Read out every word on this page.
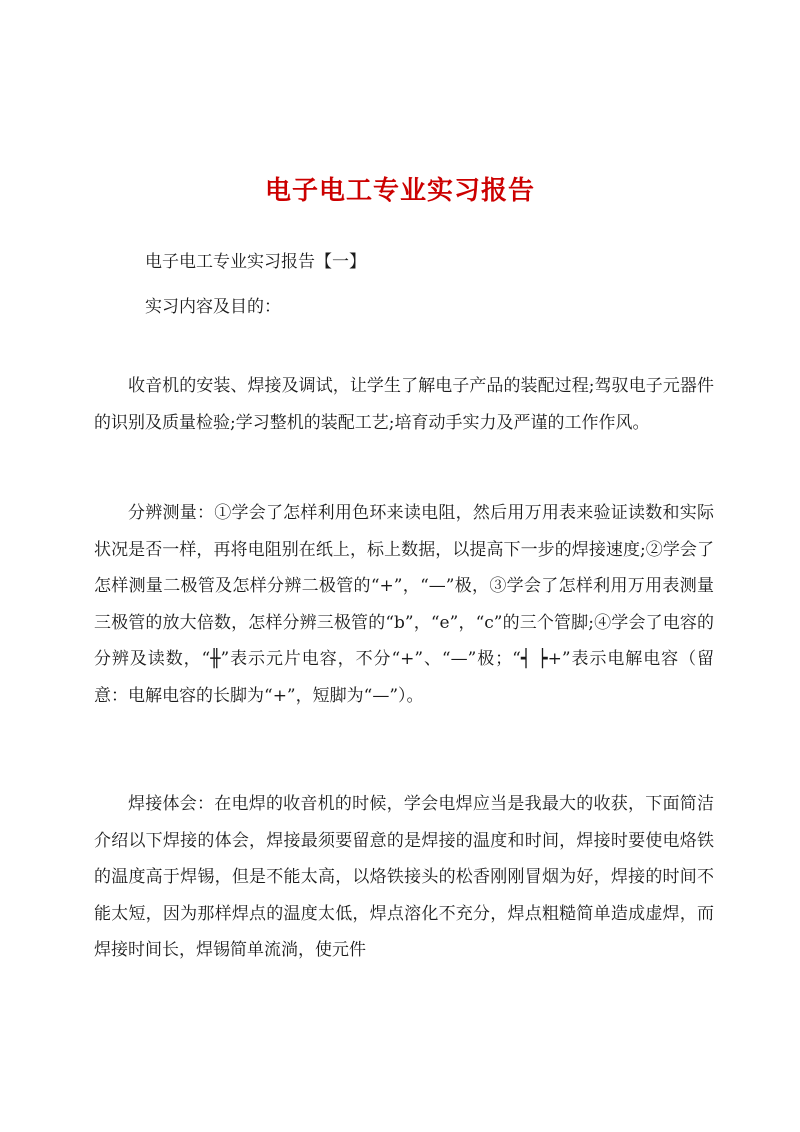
电子电工专业实习报告
电子电工专业实习报告【一】
实习内容及目的：

收音机的安装、焊接及调试，让学生了解电子产品的装配过程;驾驭电子元器件的识别及质量检验;学习整机的装配工艺;培育动手实力及严谨的工作作风。

分辨测量：①学会了怎样利用色环来读电阻，然后用万用表来验证读数和实际状况是否一样，再将电阻别在纸上，标上数据，以提高下一步的焊接速度;②学会了怎样测量二极管及怎样分辨二极管的“+”，“—”极，③学会了怎样利用万用表测量三极管的放大倍数，怎样分辨三极管的“b”，“e”，“c”的三个管脚;④学会了电容的分辨及读数，“╫”表示元片电容，不分“+”、“—”极；“┥ ┝+”表示电解电容（留意：电解电容的长脚为“+”，短脚为“—”）。

焊接体会：在电焊的收音机的时候，学会电焊应当是我最大的收获，下面简洁介绍以下焊接的体会，焊接最须要留意的是焊接的温度和时间，焊接时要使电烙铁的温度高于焊锡，但是不能太高，以烙铁接头的松香刚刚冒烟为好，焊接的时间不能太短，因为那样焊点的温度太低，焊点溶化不充分，焊点粗糙简单造成虚焊，而焊接时间长，焊锡简单流淌，使元件
